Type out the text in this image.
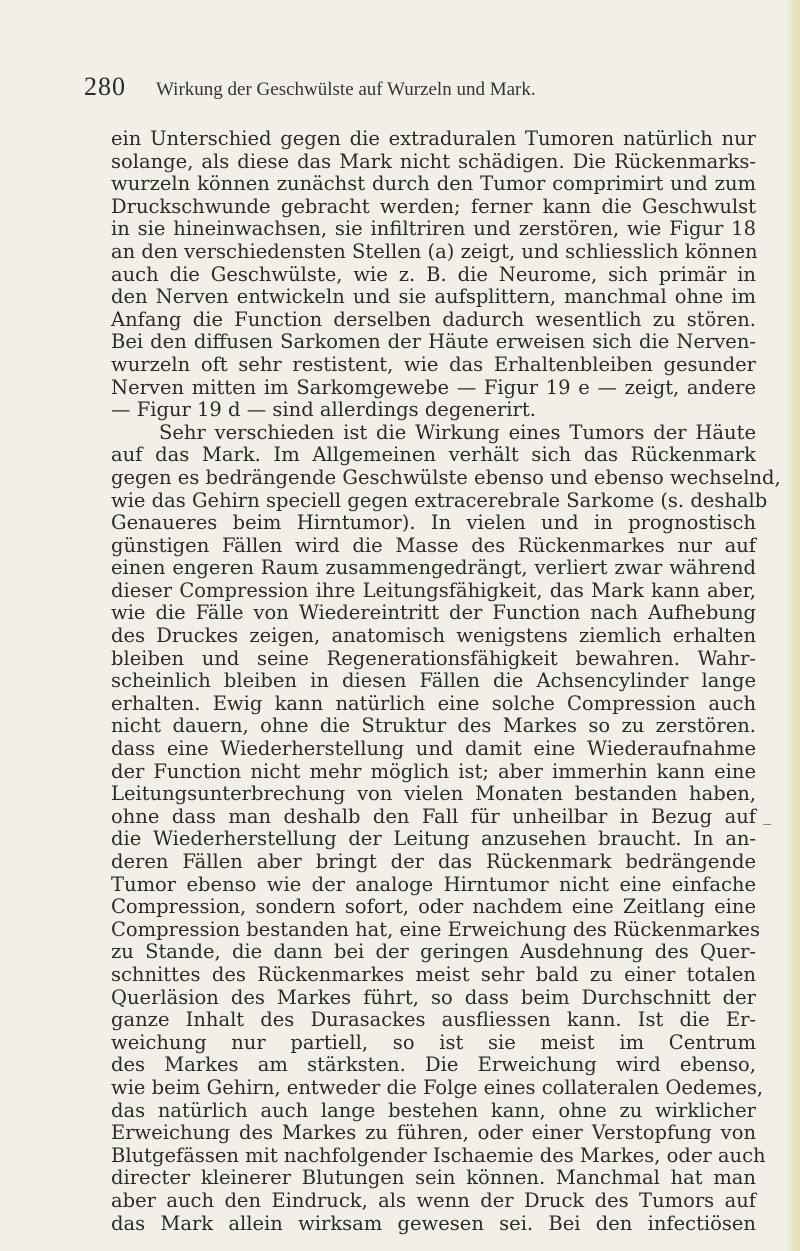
280	Wirkung der Geschwülste auf Wurzeln und Mark.
ein Unterschied gegen die extraduralen Tumoren natürlich nur
solange, als diese das Mark nicht schädigen. Die Rückenmarks-
wurzeln können zunächst durch den Tumor comprimirt und zum
Druckschwunde gebracht werden; ferner kann die Geschwulst
in sie hineinwachsen, sie infiltriren und zerstören, wie Figur 18
an den verschiedensten Stellen (a) zeigt, und schliesslich können
auch die Geschwülste, wie z. B. die Neurome, sich primär in
den Nerven entwickeln und sie aufsplittern, manchmal ohne im
Anfang die Function derselben dadurch wesentlich zu stören.
Bei den diffusen Sarkomen der Häute erweisen sich die Nerven-
wurzeln oft sehr restistent, wie das Erhaltenbleiben gesunder
Nerven mitten im Sarkomgewebe — Figur 19 e — zeigt, andere
— Figur 19 d — sind allerdings degenerirt.
Sehr verschieden ist die Wirkung eines Tumors der Häute
auf das Mark. Im Allgemeinen verhält sich das Rückenmark
gegen es bedrängende Geschwülste ebenso und ebenso wechselnd,
wie das Gehirn speciell gegen extracerebrale Sarkome (s. deshalb
Genaueres beim Hirntumor). In vielen und in prognostisch
günstigen Fällen wird die Masse des Rückenmarkes nur auf
einen engeren Raum zusammengedrängt, verliert zwar während
dieser Compression ihre Leitungsfähigkeit, das Mark kann aber,
wie die Fälle von Wiedereintritt der Function nach Aufhebung
des Druckes zeigen, anatomisch wenigstens ziemlich erhalten
bleiben und seine Regenerationsfähigkeit bewahren. Wahr-
scheinlich bleiben in diesen Fällen die Achsencylinder lange
erhalten. Ewig kann natürlich eine solche Compression auch
nicht dauern, ohne die Struktur des Markes so zu zerstören.
dass eine Wiederherstellung und damit eine Wiederaufnahme
der Function nicht mehr möglich ist; aber immerhin kann eine
Leitungsunterbrechung von vielen Monaten bestanden haben,
ohne dass man deshalb den Fall für unheilbar in Bezug auf
die Wiederherstellung der Leitung anzusehen braucht. In an-
deren Fällen aber bringt der das Rückenmark bedrängende
Tumor ebenso wie der analoge Hirntumor nicht eine einfache
Compression, sondern sofort, oder nachdem eine Zeitlang eine
Compression bestanden hat, eine Erweichung des Rückenmarkes
zu Stande, die dann bei der geringen Ausdehnung des Quer-
schnittes des Rückenmarkes meist sehr bald zu einer totalen
Querläsion des Markes führt, so dass beim Durchschnitt der
ganze Inhalt des Durasackes ausfliessen kann. Ist die Er-
weichung nur partiell, so ist sie meist im Centrum
des Markes am stärksten. Die Erweichung wird ebenso,
wie beim Gehirn, entweder die Folge eines collateralen Oedemes,
das natürlich auch lange bestehen kann, ohne zu wirklicher
Erweichung des Markes zu führen, oder einer Verstopfung von
Blutgefässen mit nachfolgender Ischaemie des Markes, oder auch
directer kleinerer Blutungen sein können. Manchmal hat man
aber auch den Eindruck, als wenn der Druck des Tumors auf
das Mark allein wirksam gewesen sei. Bei den infectiösen
